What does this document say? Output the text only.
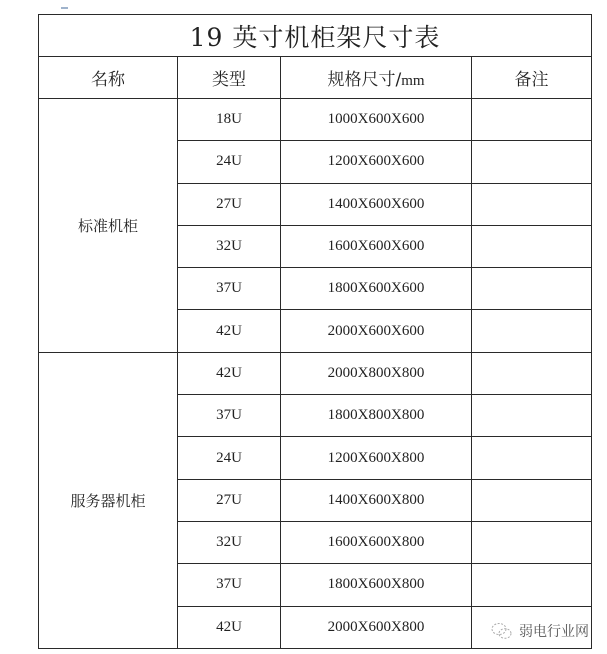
19 英寸机柜架尺寸表			
名称	类型	规格尺寸/mm	备注
标准机柜	18U	1000X600X600	
	24U	1200X600X600	
	27U	1400X600X600	
	32U	1600X600X600	
	37U	1800X600X600	
	42U	2000X600X600	
服务器机柜	42U	2000X800X800	
	37U	1800X800X800	
	24U	1200X600X800	
	27U	1400X600X800	
	32U	1600X600X800	
	37U	1800X600X800	
	42U	2000X600X800		弱电行业网
